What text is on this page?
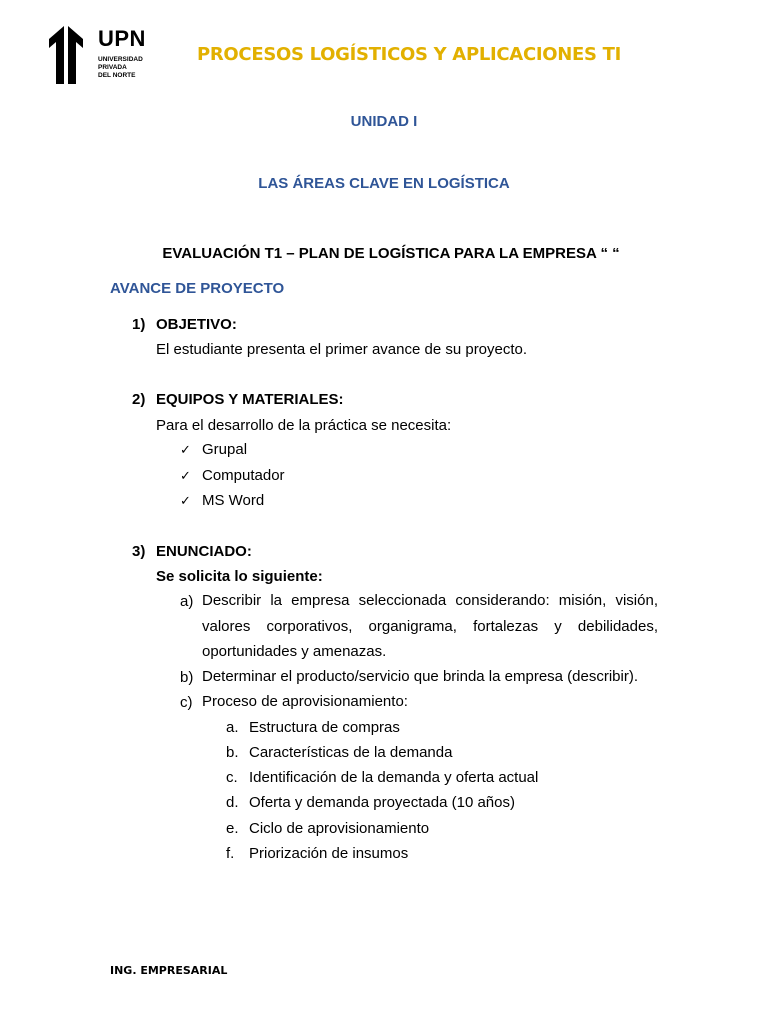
UPN
UNIVERSIDAD
PRIVADA
DEL NORTE
PROCESOS LOGÍSTICOS Y APLICACIONES TI
UNIDAD I
LAS ÁREAS CLAVE EN LOGÍSTICA
EVALUACIÓN T1 – PLAN DE LOGÍSTICA PARA LA EMPRESA “ “
AVANCE DE PROYECTO
1) OBJETIVO:
El estudiante presenta el primer avance de su proyecto.
2) EQUIPOS Y MATERIALES:
Para el desarrollo de la práctica se necesita:
✓ Grupal
✓ Computador
✓ MS Word
3) ENUNCIADO:
Se solicita lo siguiente:
a) Describir la empresa seleccionada considerando: misión, visión, valores corporativos, organigrama, fortalezas y debilidades, oportunidades y amenazas.
b) Determinar el producto/servicio que brinda la empresa (describir).
c) Proceso de aprovisionamiento:
a. Estructura de compras
b. Características de la demanda
c. Identificación de la demanda y oferta actual
d. Oferta y demanda proyectada (10 años)
e. Ciclo de aprovisionamiento
f. Priorización de insumos
ING. EMPRESARIAL
